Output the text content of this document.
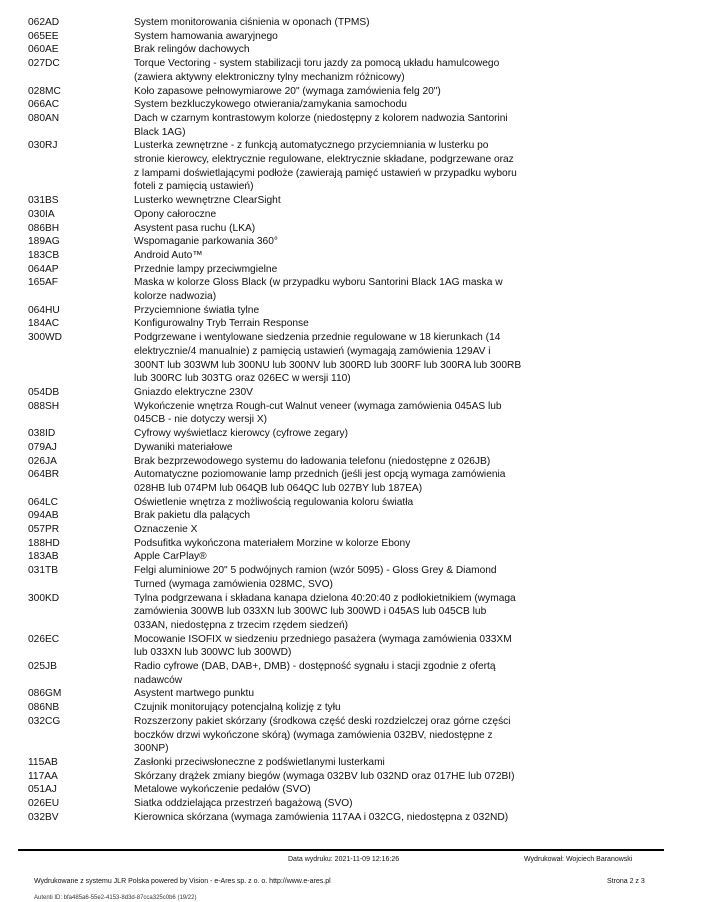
062AD	System monitorowania ciśnienia w oponach (TPMS)
065EE	System hamowania awaryjnego
060AE	Brak relingów dachowych
027DC	Torque Vectoring - system stabilizacji toru jazdy za pomocą układu hamulcowego
(zawiera aktywny elektroniczny tylny mechanizm różnicowy)
028MC	Koło zapasowe pełnowymiarowe 20" (wymaga zamówienia felg 20")
066AC	System bezkluczykowego otwierania/zamykania samochodu
080AN	Dach w czarnym kontrastowym kolorze (niedostępny z kolorem nadwozia Santorini
Black 1AG)
030RJ	Lusterka zewnętrzne - z funkcją automatycznego przyciemniania w lusterku po
stronie kierowcy, elektrycznie regulowane, elektrycznie składane, podgrzewane oraz
z lampami doświetlającymi podłoże (zawierają pamięć ustawień w przypadku wyboru
foteli z pamięcią ustawień)
031BS	Lusterko wewnętrzne ClearSight
030IA	Opony całoroczne
086BH	Asystent pasa ruchu (LKA)
189AG	Wspomaganie parkowania 360°
183CB	Android Auto™
064AP	Przednie lampy przeciwmgielne
165AF	Maska w kolorze Gloss Black (w przypadku wyboru Santorini Black 1AG maska w
kolorze nadwozia)
064HU	Przyciemnione światła tylne
184AC	Konfigurowalny Tryb Terrain Response
300WD	Podgrzewane i wentylowane siedzenia przednie regulowane w 18 kierunkach (14
elektrycznie/4 manualnie) z pamięcią ustawień (wymagają zamówienia 129AV i
300NT lub 303WM lub 300NU lub 300NV lub 300RD lub 300RF lub 300RA lub 300RB
lub 300RC lub 303TG oraz 026EC w wersji 110)
054DB	Gniazdo elektryczne 230V
088SH	Wykończenie wnętrza Rough-cut Walnut veneer (wymaga zamówienia 045AS lub
045CB - nie dotyczy wersji X)
038ID	Cyfrowy wyświetlacz kierowcy (cyfrowe zegary)
079AJ	Dywaniki materiałowe
026JA	Brak bezprzewodowego systemu do ładowania telefonu (niedostępne z 026JB)
064BR	Automatyczne poziomowanie lamp przednich (jeśli jest opcją wymaga zamówienia
028HB lub 074PM lub 064QB lub 064QC lub 027BY lub 187EA)
064LC	Oświetlenie wnętrza z możliwością regulowania koloru światła
094AB	Brak pakietu dla palących
057PR	Oznaczenie X
188HD	Podsufitka wykończona materiałem Morzine w kolorze Ebony
183AB	Apple CarPlay®
031TB	Felgi aluminiowe 20" 5 podwójnych ramion (wzór 5095) - Gloss Grey & Diamond
Turned (wymaga zamówienia 028MC, SVO)
300KD	Tylna podgrzewana i składana kanapa dzielona 40:20:40 z podłokietnikiem (wymaga
zamówienia 300WB lub 033XN lub 300WC lub 300WD i 045AS lub 045CB lub
033AN, niedostępna z trzecim rzędem siedzeń)
026EC	Mocowanie ISOFIX w siedzeniu przedniego pasażera (wymaga zamówienia 033XM
lub 033XN lub 300WC lub 300WD)
025JB	Radio cyfrowe (DAB, DAB+, DMB) - dostępność sygnału i stacji zgodnie z ofertą
nadawców
086GM	Asystent martwego punktu
086NB	Czujnik monitorujący potencjalną kolizję z tyłu
032CG	Rozszerzony pakiet skórzany (środkowa część deski rozdzielczej oraz górne części
boczków drzwi wykończone skórą) (wymaga zamówienia 032BV, niedostępne z
300NP)
115AB	Zasłonki przeciwsłoneczne z podświetlanymi lusterkami
117AA	Skórzany drążek zmiany biegów (wymaga 032BV lub 032ND oraz 017HE lub 072BI)
051AJ	Metalowe wykończenie pedałów (SVO)
026EU	Siatka oddzielająca przestrzeń bagażową (SVO)
032BV	Kierownica skórzana (wymaga zamówienia 117AA i 032CG, niedostępna z 032ND)
Data wydruku: 2021-11-09 12:16:26	Wydrukował: Wojciech Baranowski
Wydrukowane z systemu JLR Polska powered by Vision - e-Ares sp. z o. o. http://www.e-ares.pl	Strona 2 z 3
Autenti ID: bfa485a6-55e2-4153-8d3d-87cca325c0b6 (19/22)
